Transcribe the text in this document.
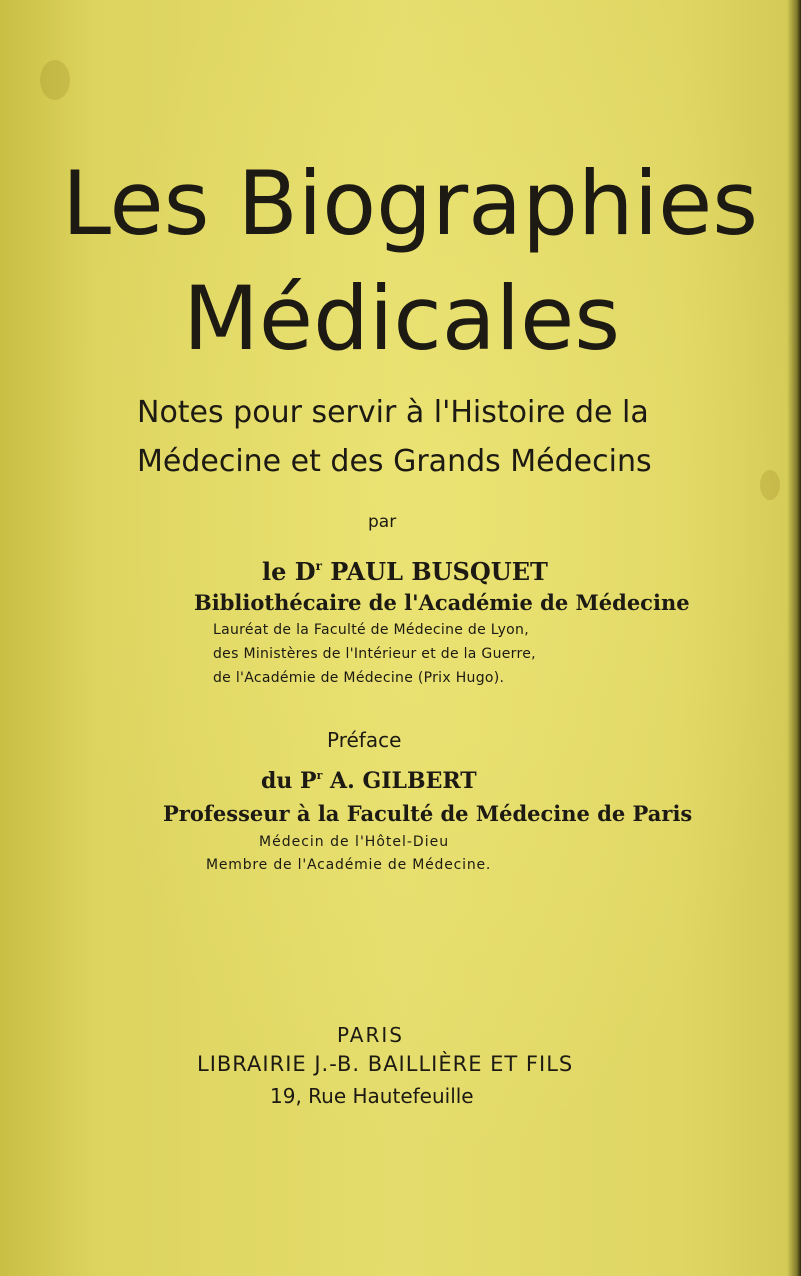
Les Biographies
Médicales
Notes pour servir à l'Histoire de la
Médecine et des Grands Médecins
par
le $D^r$ PAUL BUSQUET
Bibliothécaire de l'Académie de Médecine
Lauréat de la Faculté de Médecine de Lyon,
des Ministères de l'Intérieur et de la Guerre,
de l'Académie de Médecine (Prix Hugo).
Préface
du $P^r$ A. GILBERT
Professeur à la Faculté de Médecine de Paris
Médecin de l'Hôtel-Dieu
Membre de l'Académie de Médecine.
PARIS
LIBRAIRIE J.-B. BAILLIÈRE ET FILS
19, Rue Hautefeuille
